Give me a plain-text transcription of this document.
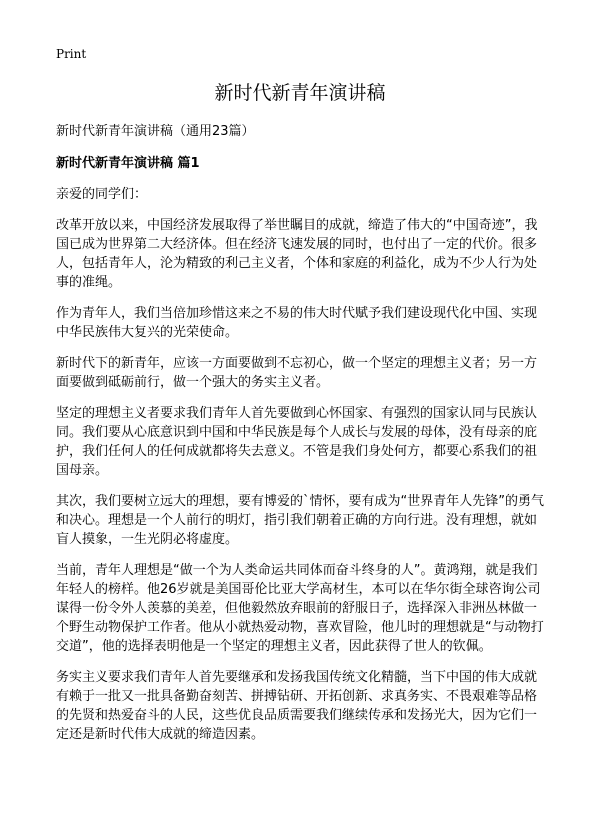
Print
新时代新青年演讲稿

新时代新青年演讲稿（通用23篇）

新时代新青年演讲稿 篇1

亲爱的同学们：

改革开放以来，中国经济发展取得了举世瞩目的成就，缔造了伟大的“中国奇迹”，我国已成为世界第二大经济体。但在经济飞速发展的同时，也付出了一定的代价。很多人，包括青年人，沦为精致的利己主义者，个体和家庭的利益化，成为不少人行为处事的准绳。

作为青年人，我们当倍加珍惜这来之不易的伟大时代赋予我们建设现代化中国、实现中华民族伟大复兴的光荣使命。

新时代下的新青年，应该一方面要做到不忘初心，做一个坚定的理想主义者；另一方面要做到砥砺前行，做一个强大的务实主义者。

坚定的理想主义者要求我们青年人首先要做到心怀国家、有强烈的国家认同与民族认同。我们要从心底意识到中国和中华民族是每个人成长与发展的母体，没有母亲的庇护，我们任何人的任何成就都将失去意义。不管是我们身处何方，都要心系我们的祖国母亲。

其次，我们要树立远大的理想，要有博爱的`情怀，要有成为“世界青年人先锋”的勇气和决心。理想是一个人前行的明灯，指引我们朝着正确的方向行进。没有理想，就如盲人摸象，一生光阴必将虚度。

当前，青年人理想是“做一个为人类命运共同体而奋斗终身的人”。黄鸿翔，就是我们年轻人的榜样。他26岁就是美国哥伦比亚大学高材生，本可以在华尔街全球咨询公司谋得一份令外人羡慕的美差，但他毅然放弃眼前的舒服日子，选择深入非洲丛林做一个野生动物保护工作者。他从小就热爱动物，喜欢冒险，他儿时的理想就是“与动物打交道”，他的选择表明他是一个坚定的理想主义者，因此获得了世人的钦佩。

务实主义要求我们青年人首先要继承和发扬我国传统文化精髓，当下中国的伟大成就有赖于一批又一批具备勤奋刻苦、拼搏钻研、开拓创新、求真务实、不畏艰难等品格的先贤和热爱奋斗的人民，这些优良品质需要我们继续传承和发扬光大，因为它们一定还是新时代伟大成就的缔造因素。
